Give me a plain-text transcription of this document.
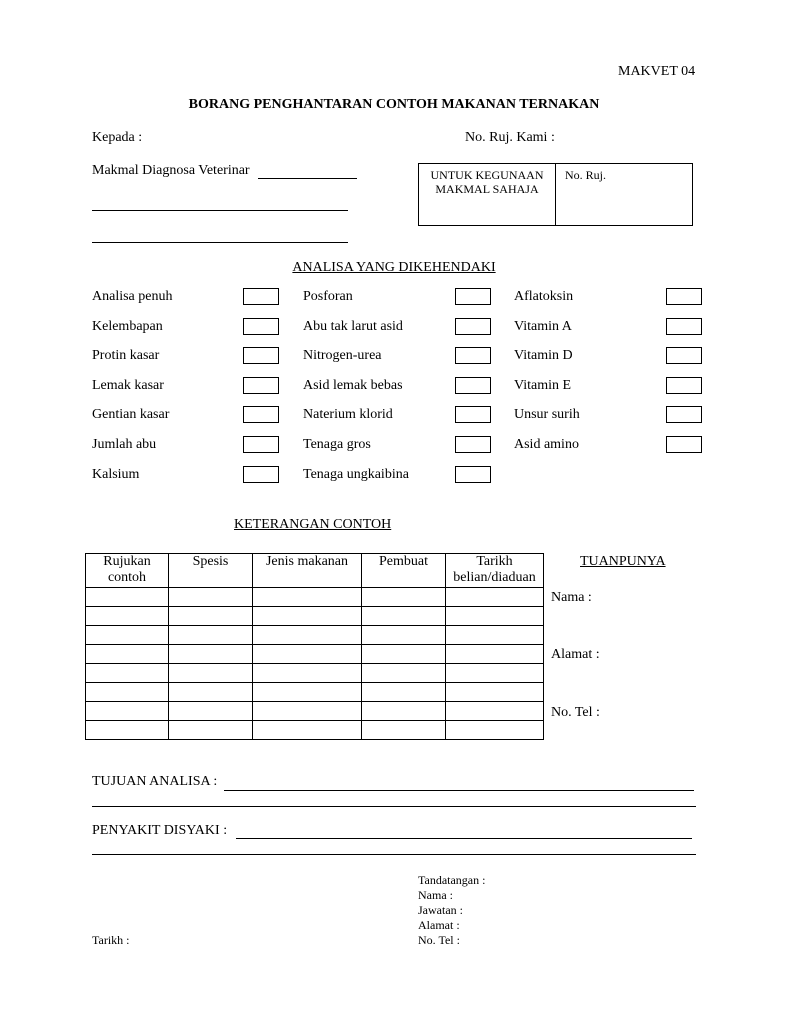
MAKVET 04
BORANG PENGHANTARAN CONTOH MAKANAN TERNAKAN
Kepada :	No. Ruj. Kami :
Makmal Diagnosa Veterinar	UNTUK KEGUNAAN MAKMAL SAHAJA
No. Ruj.
ANALISA YANG DIKEHENDAKI
Analisa penuh
Kelembapan
Protin kasar
Lemak kasar
Gentian kasar
Jumlah abu
Kalsium
Posforan
Abu tak larut asid
Nitrogen-urea
Asid lemak bebas
Naterium klorid
Tenaga gros
Tenaga ungkaibina
Aflatoksin
Vitamin A
Vitamin D
Vitamin E
Unsur surih
Asid amino
KETERANGAN CONTOH
Rujukan contoh	Spesis	Jenis makanan	Pembuat	Tarikh belian/diaduan

TUANPUNYA
Nama :
Alamat :
No. Tel :
TUJUAN ANALISA :
PENYAKIT DISYAKI :
Tandatangan :
Nama :
Jawatan :
Alamat :
No. Tel :
Tarikh :
